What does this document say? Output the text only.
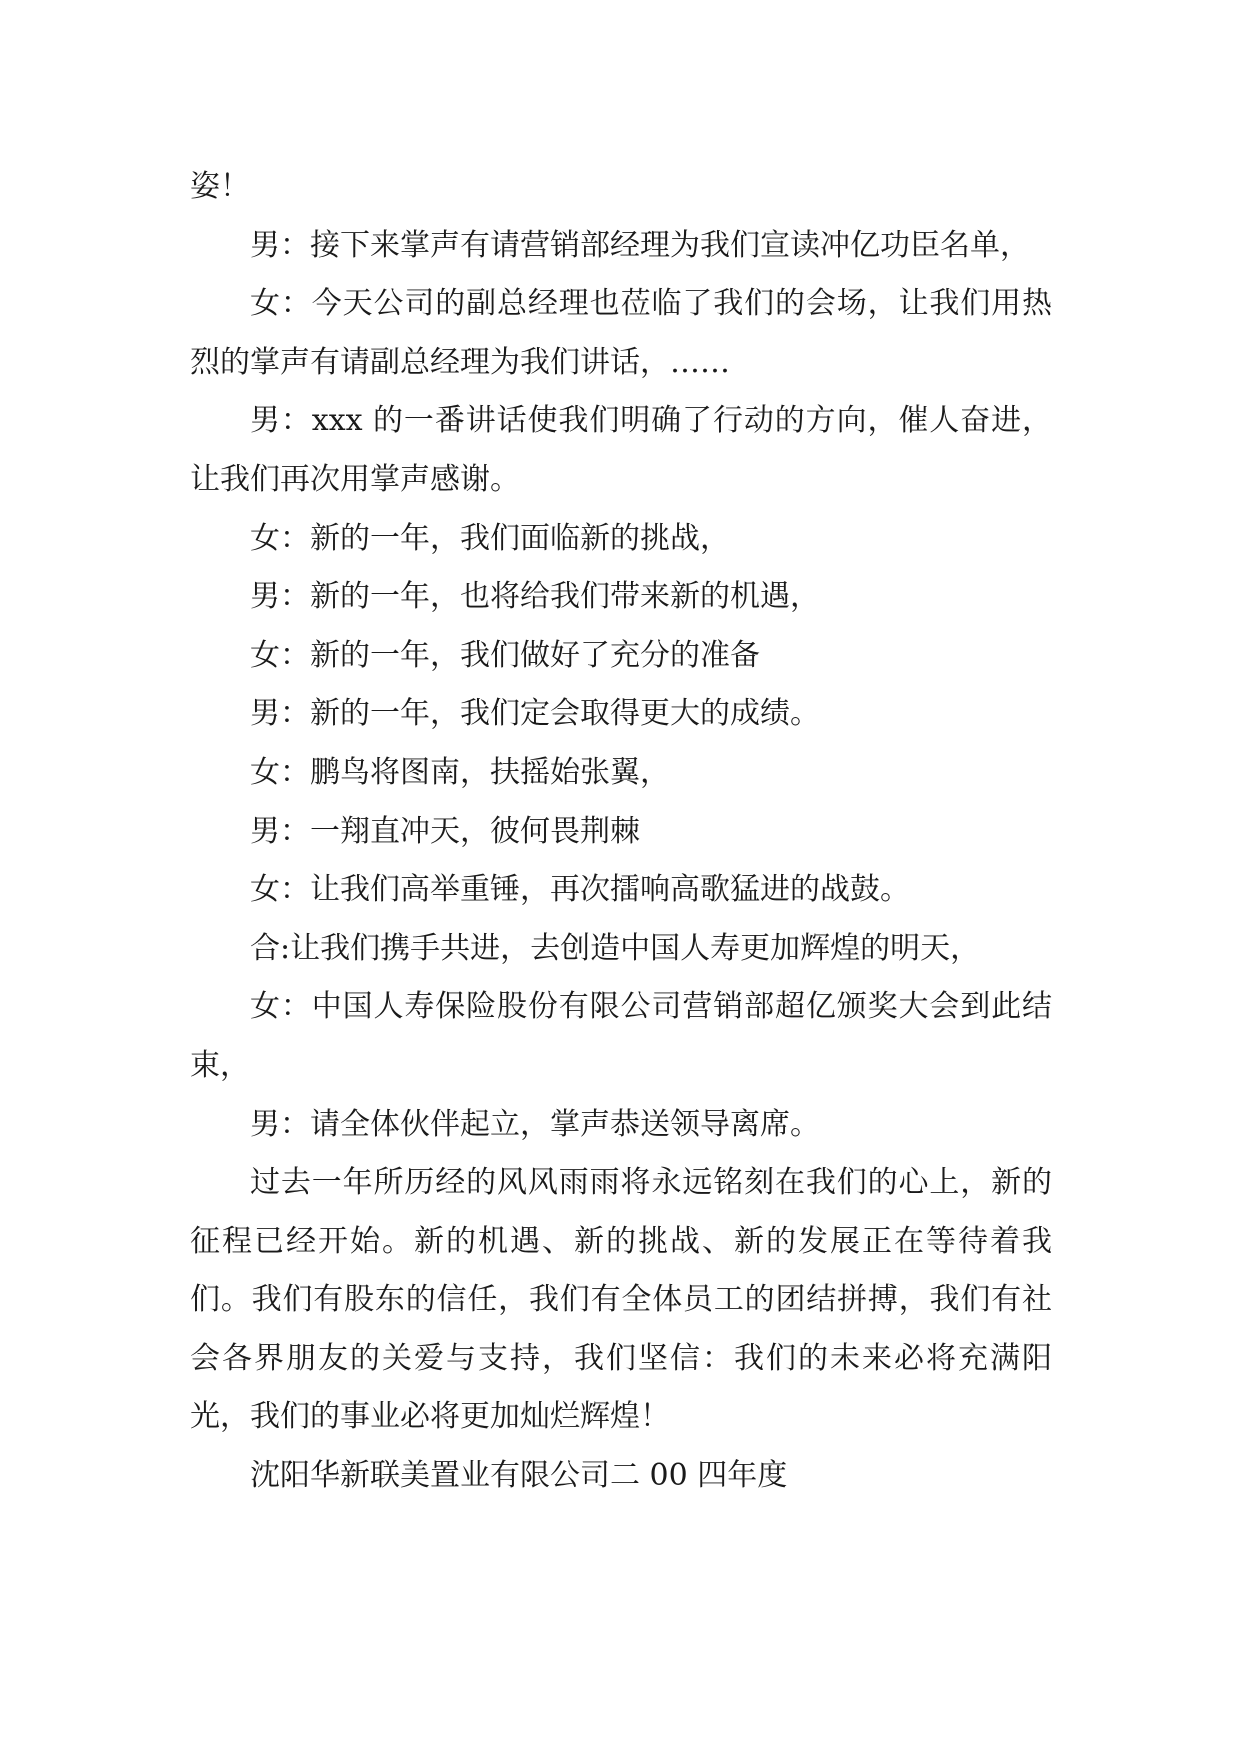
姿！

男：接下来掌声有请营销部经理为我们宣读冲亿功臣名单，

女：今天公司的副总经理也莅临了我们的会场，让我们用热烈的掌声有请副总经理为我们讲话，……

男：xxx 的一番讲话使我们明确了行动的方向，催人奋进，让我们再次用掌声感谢。

女：新的一年，我们面临新的挑战，

男：新的一年，也将给我们带来新的机遇，

女：新的一年，我们做好了充分的准备

男：新的一年，我们定会取得更大的成绩。

女：鹏鸟将图南，扶摇始张翼，

男：一翔直冲天，彼何畏荆棘

女：让我们高举重锤，再次擂响高歌猛进的战鼓。

合:让我们携手共进，去创造中国人寿更加辉煌的明天，

女：中国人寿保险股份有限公司营销部超亿颁奖大会到此结束，

男：请全体伙伴起立，掌声恭送领导离席。

过去一年所历经的风风雨雨将永远铭刻在我们的心上，新的征程已经开始。新的机遇、新的挑战、新的发展正在等待着我们。我们有股东的信任，我们有全体员工的团结拼搏，我们有社会各界朋友的关爱与支持，我们坚信：我们的未来必将充满阳光，我们的事业必将更加灿烂辉煌！

沈阳华新联美置业有限公司二 00 四年度
